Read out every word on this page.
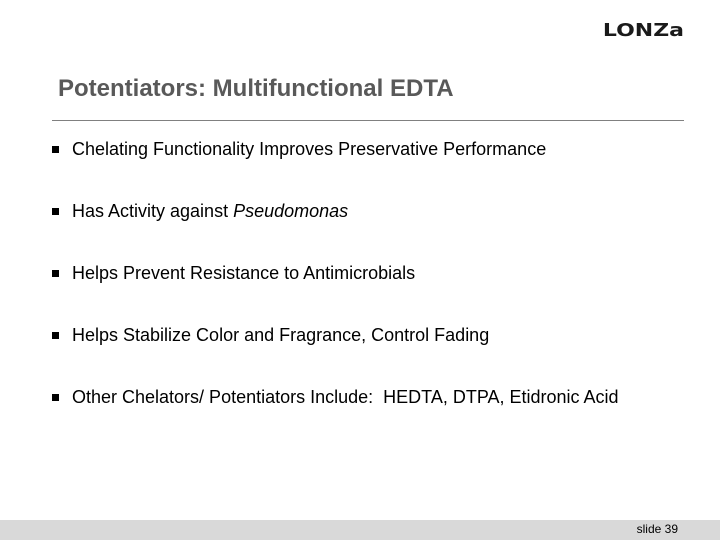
LONZa
Potentiators: Multifunctional EDTA
Chelating Functionality Improves Preservative Performance
Has Activity against Pseudomonas
Helps Prevent Resistance to Antimicrobials
Helps Stabilize Color and Fragrance, Control Fading
Other Chelators/ Potentiators Include:  HEDTA, DTPA, Etidronic Acid
slide 39
